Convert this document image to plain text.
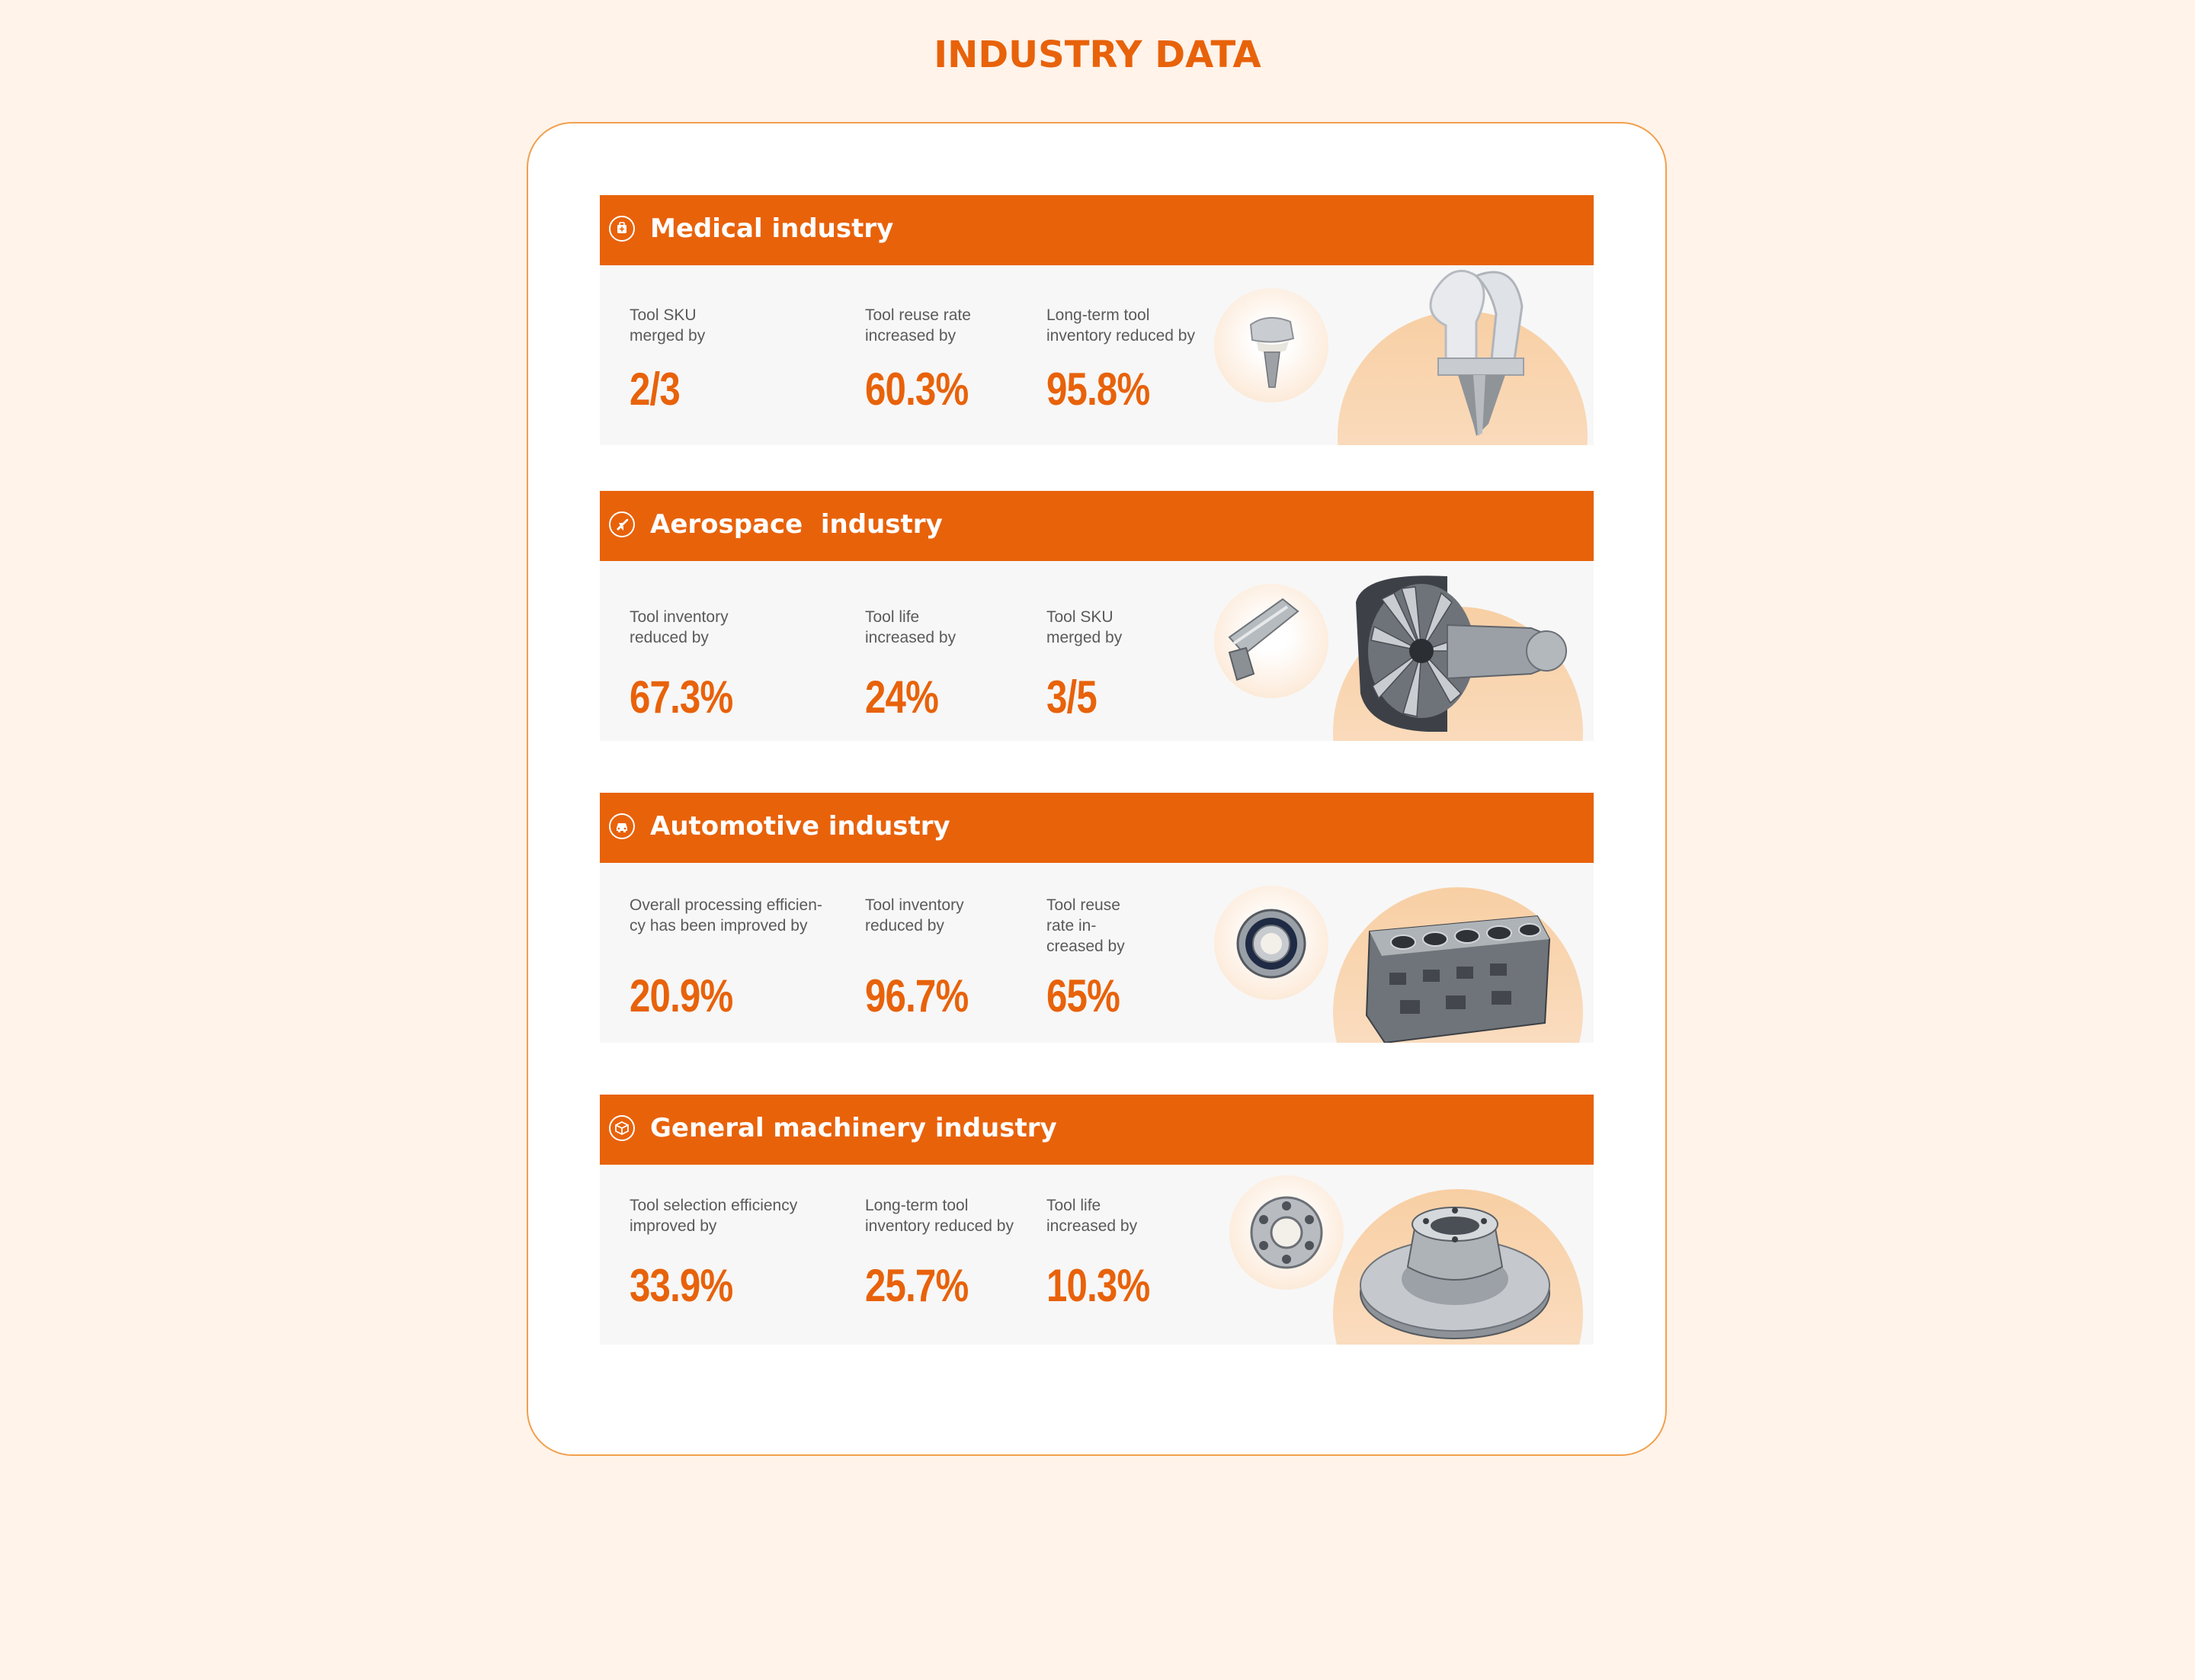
INDUSTRY DATA
Medical industry
Tool SKU
merged by
2/3
Tool reuse rate
increased by
60.3%
Long-term tool
inventory reduced by
95.8%
Aerospace  industry
Tool inventory
reduced by
67.3%
Tool life
increased by
24%
Tool SKU
merged by
3/5
Automotive industry
Overall processing efficien-
cy has been improved by
20.9%
Tool inventory
reduced by
96.7%
Tool reuse
rate in-
creased by
65%
General machinery industry
Tool selection efficiency
improved by
33.9%
Long-term tool
inventory reduced by
25.7%
Tool life
increased by
10.3%
